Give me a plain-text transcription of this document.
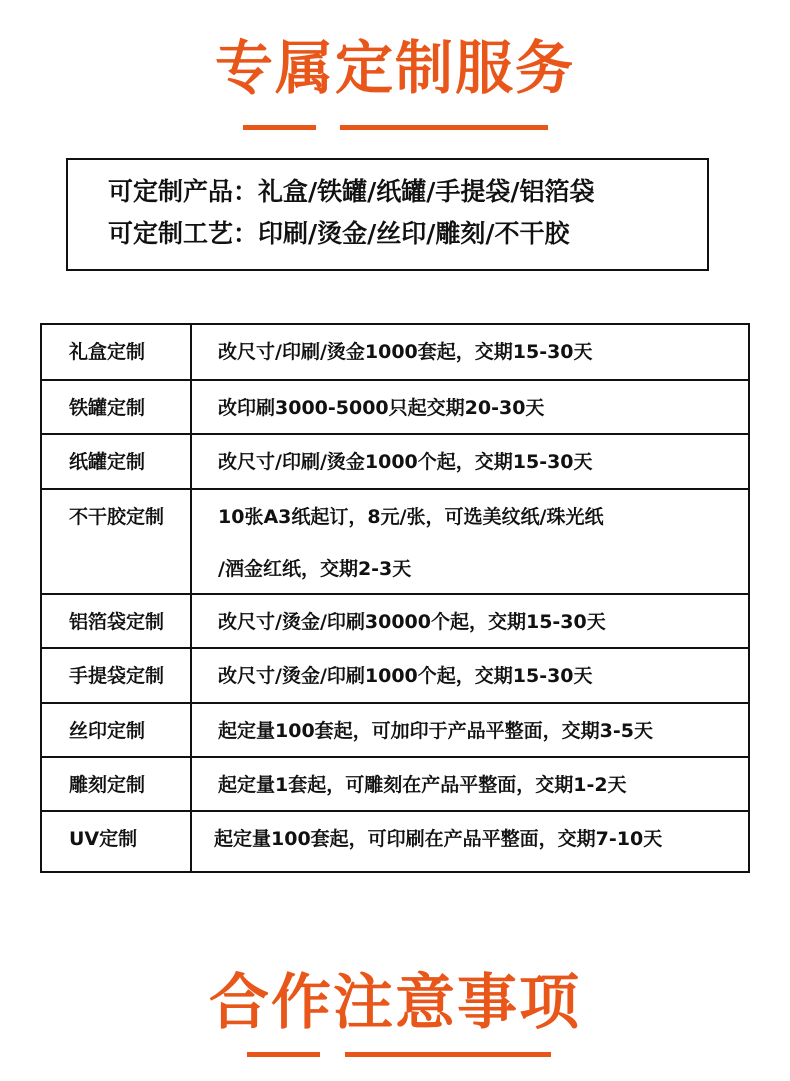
专属定制服务
可定制产品：礼盒/铁罐/纸罐/手提袋/铝箔袋
可定制工艺：印刷/烫金/丝印/雕刻/不干胶
礼盒定制	改尺寸/印刷/烫金1000套起，交期15-30天
铁罐定制	改印刷3000-5000只起交期20-30天
纸罐定制	改尺寸/印刷/烫金1000个起，交期15-30天
不干胶定制	10张A3纸起订，8元/张，可选美纹纸/珠光纸
/酒金红纸，交期2-3天
铝箔袋定制	改尺寸/烫金/印刷30000个起，交期15-30天
手提袋定制	改尺寸/烫金/印刷1000个起，交期15-30天
丝印定制	起定量100套起，可加印于产品平整面，交期3-5天
雕刻定制	起定量1套起，可雕刻在产品平整面，交期1-2天
UV定制	起定量100套起，可印刷在产品平整面，交期7-10天
合作注意事项
